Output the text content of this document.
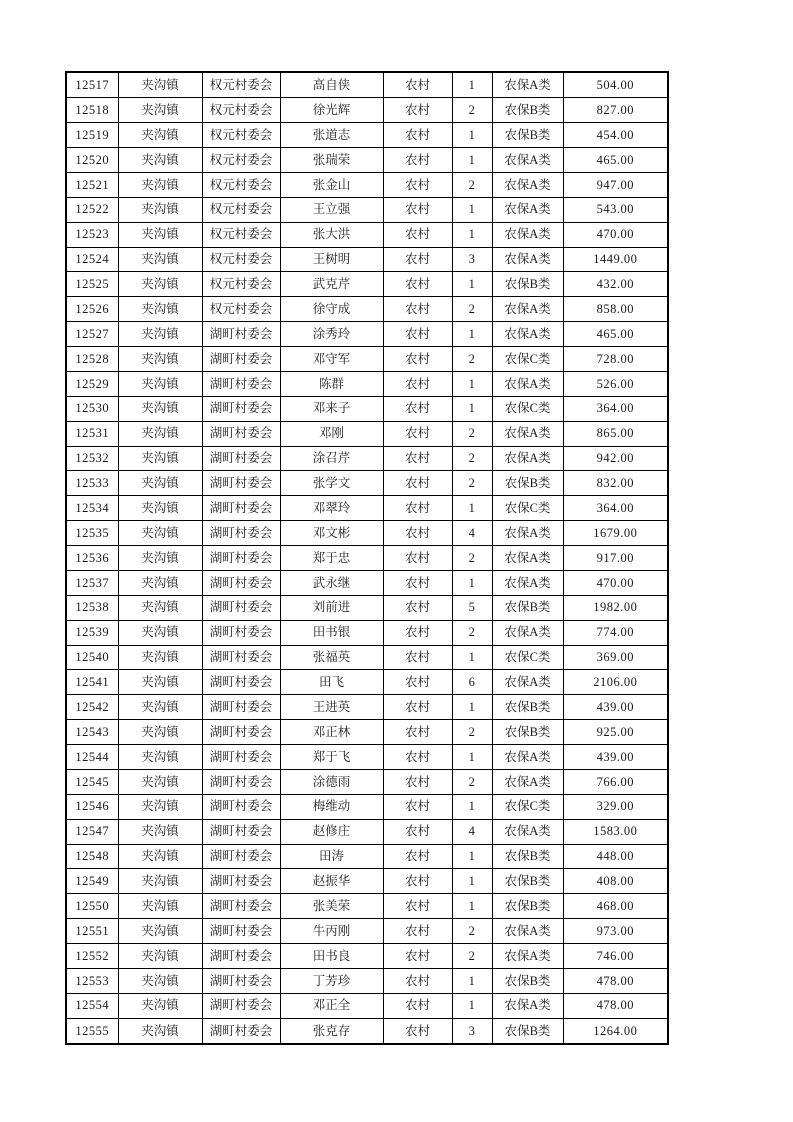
12517	夹沟镇	权元村委会	高自侠	农村	1	农保A类	504.00
12518	夹沟镇	权元村委会	徐光辉	农村	2	农保B类	827.00
12519	夹沟镇	权元村委会	张道志	农村	1	农保B类	454.00
12520	夹沟镇	权元村委会	张瑞荣	农村	1	农保A类	465.00
12521	夹沟镇	权元村委会	张金山	农村	2	农保A类	947.00
12522	夹沟镇	权元村委会	王立强	农村	1	农保A类	543.00
12523	夹沟镇	权元村委会	张大洪	农村	1	农保A类	470.00
12524	夹沟镇	权元村委会	王树明	农村	3	农保A类	1449.00
12525	夹沟镇	权元村委会	武克芹	农村	1	农保B类	432.00
12526	夹沟镇	权元村委会	徐守成	农村	2	农保A类	858.00
12527	夹沟镇	湖町村委会	涂秀玲	农村	1	农保A类	465.00
12528	夹沟镇	湖町村委会	邓守军	农村	2	农保C类	728.00
12529	夹沟镇	湖町村委会	陈群	农村	1	农保A类	526.00
12530	夹沟镇	湖町村委会	邓来子	农村	1	农保C类	364.00
12531	夹沟镇	湖町村委会	邓刚	农村	2	农保A类	865.00
12532	夹沟镇	湖町村委会	涂召芹	农村	2	农保A类	942.00
12533	夹沟镇	湖町村委会	张学文	农村	2	农保B类	832.00
12534	夹沟镇	湖町村委会	邓翠玲	农村	1	农保C类	364.00
12535	夹沟镇	湖町村委会	邓文彬	农村	4	农保A类	1679.00
12536	夹沟镇	湖町村委会	郑于忠	农村	2	农保A类	917.00
12537	夹沟镇	湖町村委会	武永继	农村	1	农保A类	470.00
12538	夹沟镇	湖町村委会	刘前进	农村	5	农保B类	1982.00
12539	夹沟镇	湖町村委会	田书银	农村	2	农保A类	774.00
12540	夹沟镇	湖町村委会	张福英	农村	1	农保C类	369.00
12541	夹沟镇	湖町村委会	田飞	农村	6	农保A类	2106.00
12542	夹沟镇	湖町村委会	王进英	农村	1	农保B类	439.00
12543	夹沟镇	湖町村委会	邓正林	农村	2	农保B类	925.00
12544	夹沟镇	湖町村委会	郑于飞	农村	1	农保A类	439.00
12545	夹沟镇	湖町村委会	涂德雨	农村	2	农保A类	766.00
12546	夹沟镇	湖町村委会	梅维动	农村	1	农保C类	329.00
12547	夹沟镇	湖町村委会	赵修庄	农村	4	农保A类	1583.00
12548	夹沟镇	湖町村委会	田涛	农村	1	农保B类	448.00
12549	夹沟镇	湖町村委会	赵振华	农村	1	农保B类	408.00
12550	夹沟镇	湖町村委会	张美荣	农村	1	农保B类	468.00
12551	夹沟镇	湖町村委会	牛丙刚	农村	2	农保A类	973.00
12552	夹沟镇	湖町村委会	田书良	农村	2	农保A类	746.00
12553	夹沟镇	湖町村委会	丁芳珍	农村	1	农保B类	478.00
12554	夹沟镇	湖町村委会	邓正全	农村	1	农保A类	478.00
12555	夹沟镇	湖町村委会	张克存	农村	3	农保B类	1264.00
